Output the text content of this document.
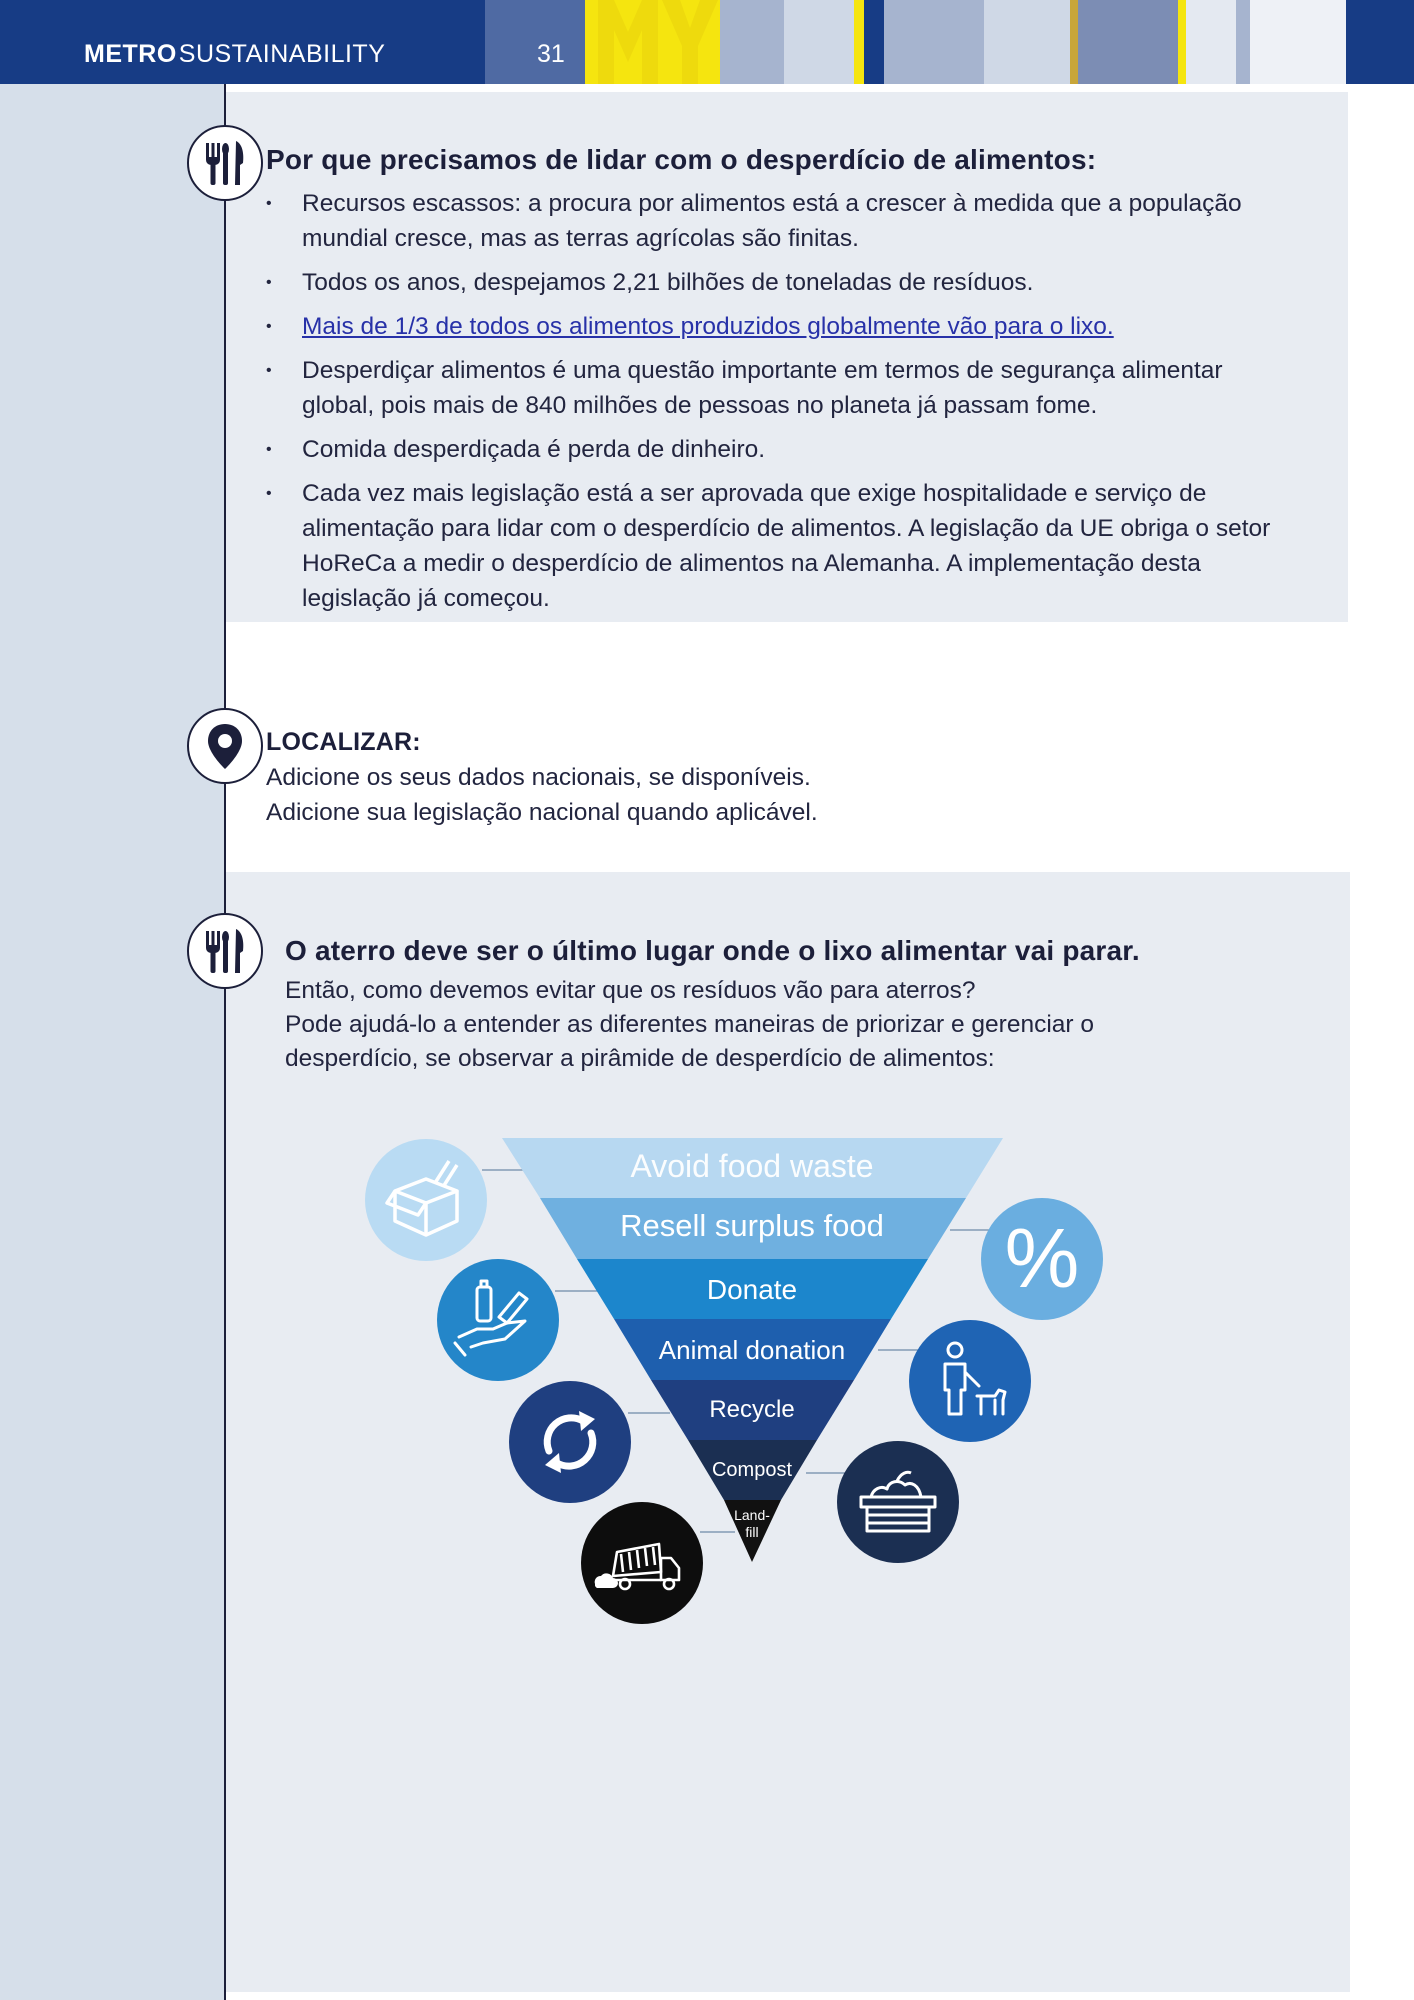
METROSUSTAINABILITY	31
Por que precisamos de lidar com o desperdício de alimentos:
• Recursos escassos: a procura por alimentos está a crescer à medida que a população mundial cresce, mas as terras agrícolas são finitas.
• Todos os anos, despejamos 2,21 bilhões de toneladas de resíduos.
• Mais de 1/3 de todos os alimentos produzidos globalmente vão para o lixo.
• Desperdiçar alimentos é uma questão importante em termos de segurança alimentar global, pois mais de 840 milhões de pessoas no planeta já passam fome.
• Comida desperdiçada é perda de dinheiro.
• Cada vez mais legislação está a ser aprovada que exige hospitalidade e serviço de alimentação para lidar com o desperdício de alimentos. A legislação da UE obriga o setor HoReCa a medir o desperdício de alimentos na Alemanha. A implementação desta legislação já começou.
LOCALIZAR:
Adicione os seus dados nacionais, se disponíveis.
Adicione sua legislação nacional quando aplicável.
O aterro deve ser o último lugar onde o lixo alimentar vai parar.
Então, como devemos evitar que os resíduos vão para aterros?
Pode ajudá-lo a entender as diferentes maneiras de priorizar e gerenciar o
desperdício, se observar a pirâmide de desperdício de alimentos:
Avoid food waste
Resell surplus food
Donate
Animal donation
Recycle
Compost
Land-
fill
%
